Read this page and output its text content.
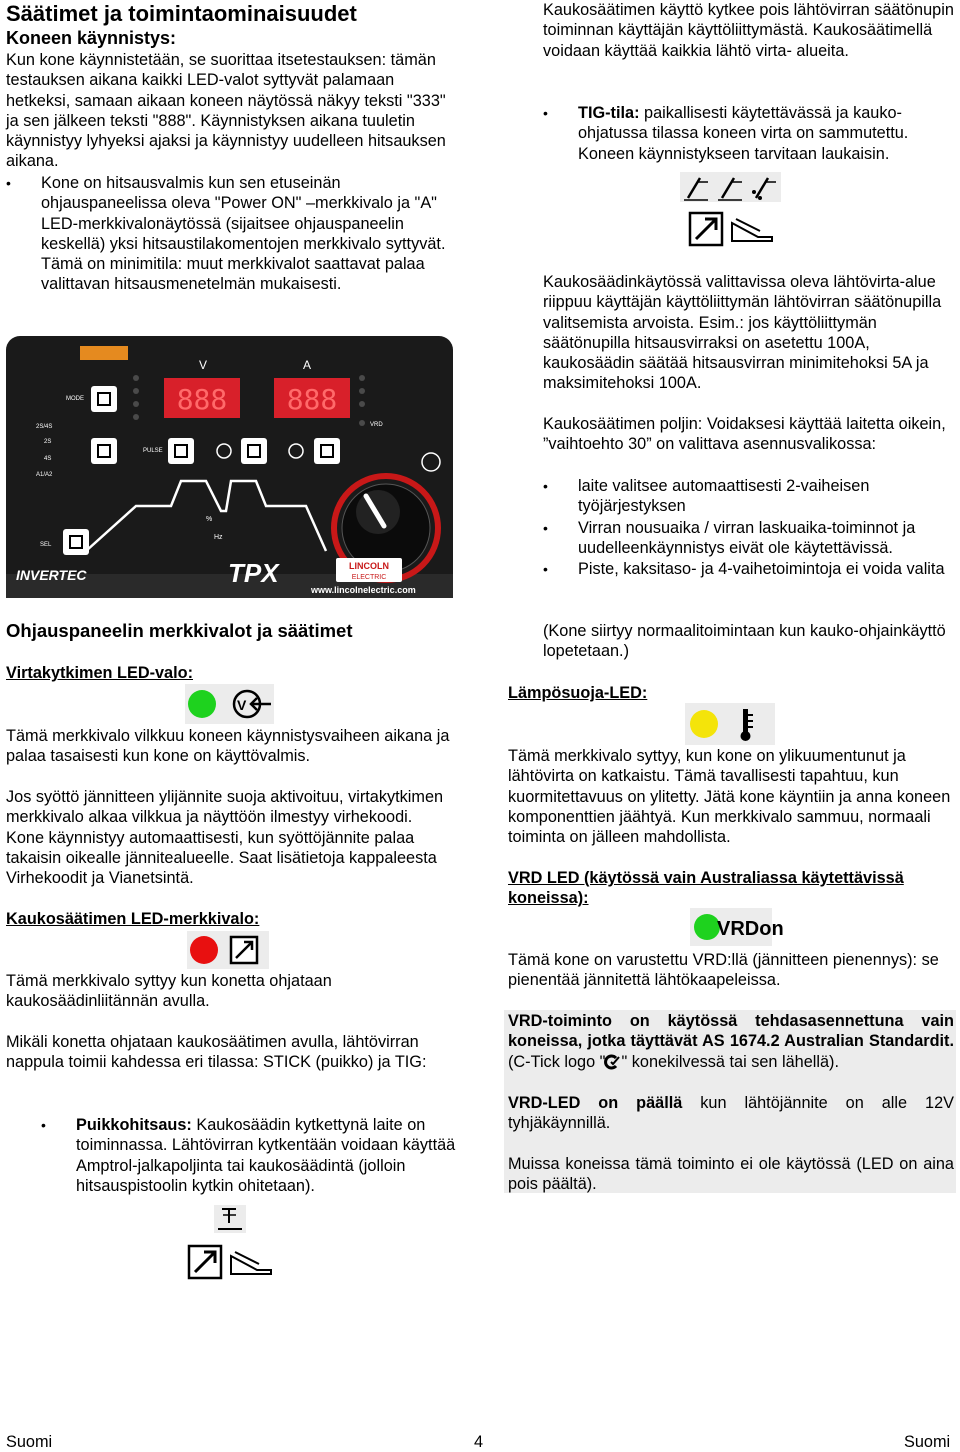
Säätimet ja toimintaominaisuudet
Koneen käynnistys:

Kun kone käynnistetään, se suorittaa itsetestauksen: tämän testauksen aikana kaikki LED-valot syttyvät palamaan hetkeksi, samaan aikaan koneen näytössä näkyy teksti "333" ja sen jälkeen teksti "888". Käynnistyksen aikana tuuletin käynnistyy lyhyeksi ajaksi ja käynnistyy uudelleen hitsauksen aikana.

• Kone on hitsausvalmis kun sen etuseinän ohjauspaneelissa oleva "Power ON" –merkkivalo ja "A" LED-merkkivalonäytössä (sijaitsee ohjauspaneelin keskellä) yksi hitsaustilakomentojen merkkivalo syttyvät. Tämä on minimitila: muut merkkivalot saattavat palaa valittavan hitsausmenetelmän mukaisesti.
V	A
888 888
MODE
VRD
2S/4S
2S
4S
A1/A2
PULSE
%
Hz
SEL
INVERTEC	TPX	LINCOLN
ELECTRIC
www.lincolnelectric.com
Ohjauspaneelin merkkivalot ja säätimet

Virtakytkimen LED-valo:

V

Tämä merkkivalo vilkkuu koneen käynnistysvaiheen aikana ja palaa tasaisesti kun kone on käyttövalmis.

Jos syöttö jännitteen ylijännite suoja aktivoituu, virtakytkimen merkkivalo alkaa vilkkua ja näyttöön ilmestyy virhekoodi. Kone käynnistyy automaattisesti, kun syöttöjännite palaa takaisin oikealle jännitealueelle. Saat lisätietoja kappaleesta Virhekoodit ja Vianetsintä.

Kaukosäätimen LED-merkkivalo:

Tämä merkkivalo syttyy kun konetta ohjataan kaukosäädinliitännän avulla.

Mikäli konetta ohjataan kaukosäätimen avulla, lähtövirran nappula toimii kahdessa eri tilassa: STICK (puikko) ja TIG:

• Puikkohitsaus: Kaukosäädin kytkettynä laite on toiminnassa. Lähtövirran kytkentään voidaan käyttää Amptrol-jalkapoljinta tai kaukosäädintä (jolloin hitsauspistoolin kytkin ohitetaan).

Kaukosäätimen käyttö kytkee pois lähtövirran säätönupin toiminnan käyttäjän käyttöliittymästä. Kaukosäätimellä voidaan käyttää kaikkia lähtö virta- alueita.

• TIG-tila: paikallisesti käytettävässä ja kauko-ohjatussa tilassa koneen virta on sammutettu. Koneen käynnistykseen tarvitaan laukaisin.

Kaukosäädinkäytössä valittavissa oleva lähtövirta-alue riippuu käyttäjän käyttöliittymän lähtövirran säätönupilla valitsemista arvoista. Esim.: jos käyttöliittymän säätönupilla hitsausvirraksi on asetettu 100A, kaukosäädin säätää hitsausvirran minimitehoksi 5A ja maksimitehoksi 100A.

Kaukosäätimen poljin: Voidaksesi käyttää laitetta oikein, ”vaihtoehto 30” on valittava asennusvalikossa:

• laite valitsee automaattisesti 2-vaiheisen työjärjestyksen
• Virran nousuaika / virran laskuaika-toiminnot ja uudelleenkäynnistys eivät ole käytettävissä.
• Piste, kaksitaso- ja 4-vaihetoimintoja ei voida valita

(Kone siirtyy normaalitoimintaan kun kauko-ohjainkäyttö lopetetaan.)

Lämpösuoja-LED:

Tämä merkkivalo syttyy, kun kone on ylikuumentunut ja lähtövirta on katkaistu. Tämä tavallisesti tapahtuu, kun kuormitettavuus on ylitetty. Jätä kone käyntiin ja anna koneen komponenttien jäähtyä. Kun merkkivalo sammuu, normaali toiminta on jälleen mahdollista.

VRD LED (käytössä vain Australiassa käytettävissä koneissa):

VRDon

Tämä kone on varustettu VRD:llä (jännitteen pienennys): se pienentää jännitettä lähtökaapeleissa.

VRD-toiminto on käytössä tehdasasennettuna vain koneissa, jotka täyttävät AS 1674.2 Australian Standardit. (C-Tick logo " " konekilvessä tai sen lähellä).

VRD-LED on päällä kun lähtöjännite on alle 12V tyhjäkäynnillä.

Muissa koneissa tämä toiminto ei ole käytössä (LED on aina pois päältä).

Suomi	4	Suomi
